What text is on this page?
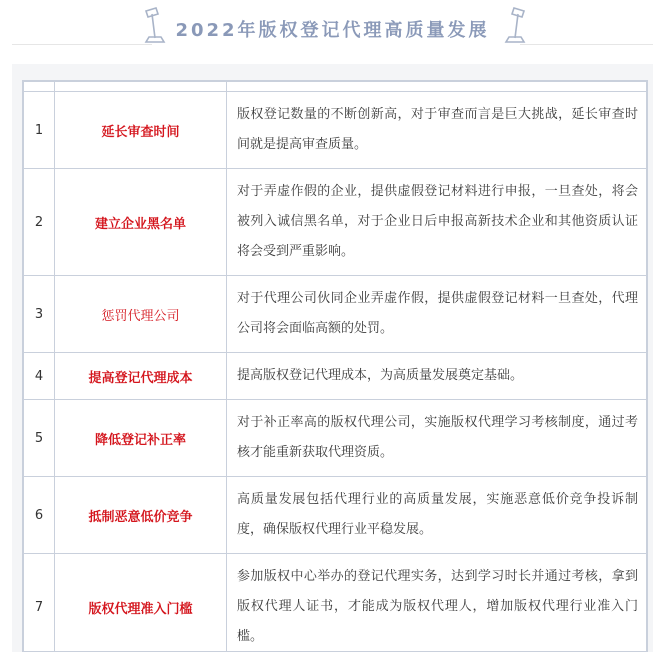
2022年版权登记代理高质量发展

1	延长审查时间	版权登记数量的不断创新高，对于审查而言是巨大挑战，延长审查时间就是提高审查质量。
2	建立企业黑名单	对于弄虚作假的企业，提供虚假登记材料进行申报，一旦查处，将会被列入诚信黑名单，对于企业日后申报高新技术企业和其他资质认证将会受到严重影响。
3	惩罚代理公司	对于代理公司伙同企业弄虚作假，提供虚假登记材料一旦查处，代理公司将会面临高额的处罚。
4	提高登记代理成本	提高版权登记代理成本，为高质量发展奠定基础。
5	降低登记补正率	对于补正率高的版权代理公司，实施版权代理学习考核制度，通过考核才能重新获取代理资质。
6	抵制恶意低价竞争	高质量发展包括代理行业的高质量发展，实施恶意低价竞争投诉制度，确保版权代理行业平稳发展。
7	版权代理准入门槛	参加版权中心举办的登记代理实务，达到学习时长并通过考核，拿到版权代理人证书，才能成为版权代理人，增加版权代理行业准入门槛。
